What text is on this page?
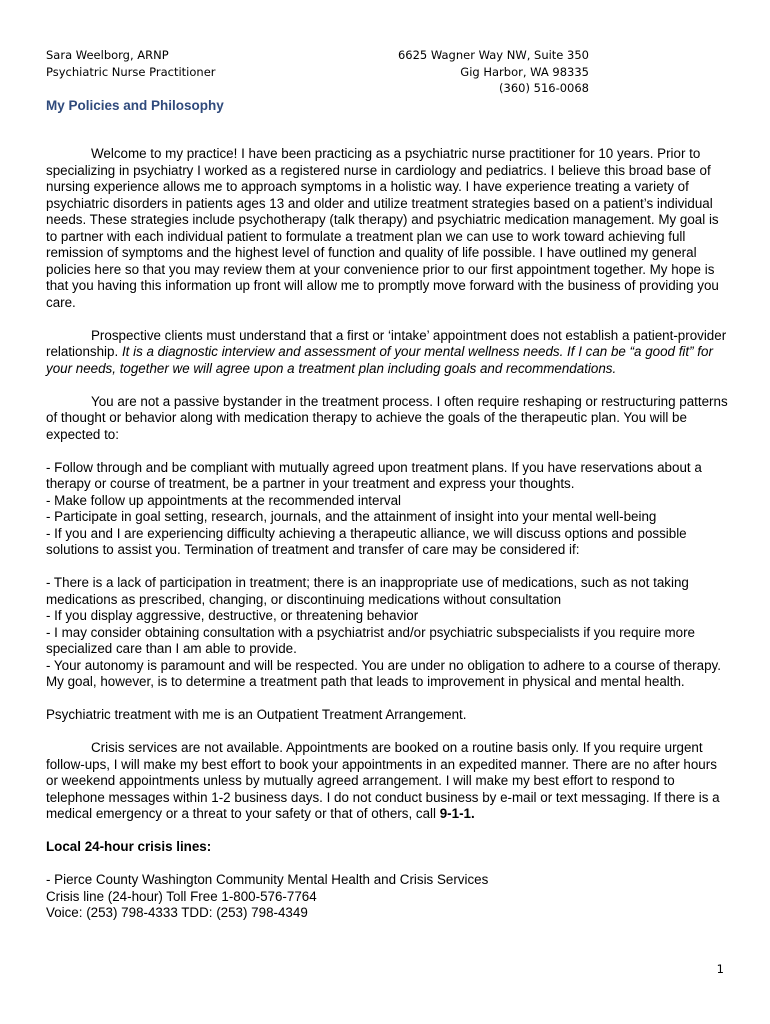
Sara Weelborg, ARNP
Psychiatric Nurse Practitioner
6625 Wagner Way NW, Suite 350
Gig Harbor, WA 98335
(360) 516-0068
My Policies and Philosophy

Welcome to my practice! I have been practicing as a psychiatric nurse practitioner for 10 years. Prior to specializing in psychiatry I worked as a registered nurse in cardiology and pediatrics. I believe this broad base of nursing experience allows me to approach symptoms in a holistic way. I have experience treating a variety of psychiatric disorders in patients ages 13 and older and utilize treatment strategies based on a patient’s individual needs. These strategies include psychotherapy (talk therapy) and psychiatric medication management. My goal is to partner with each individual patient to formulate a treatment plan we can use to work toward achieving full remission of symptoms and the highest level of function and quality of life possible. I have outlined my general policies here so that you may review them at your convenience prior to our first appointment together. My hope is that you having this information up front will allow me to promptly move forward with the business of providing you care.

Prospective clients must understand that a first or ‘intake’ appointment does not establish a patient-provider relationship. It is a diagnostic interview and assessment of your mental wellness needs. If I can be “a good fit” for your needs, together we will agree upon a treatment plan including goals and recommendations.

You are not a passive bystander in the treatment process. I often require reshaping or restructuring patterns of thought or behavior along with medication therapy to achieve the goals of the therapeutic plan. You will be expected to:

- Follow through and be compliant with mutually agreed upon treatment plans. If you have reservations about a therapy or course of treatment, be a partner in your treatment and express your thoughts.

- Make follow up appointments at the recommended interval

- Participate in goal setting, research, journals, and the attainment of insight into your mental well-being

- If you and I are experiencing difficulty achieving a therapeutic alliance, we will discuss options and possible solutions to assist you. Termination of treatment and transfer of care may be considered if:

- There is a lack of participation in treatment; there is an inappropriate use of medications, such as not taking medications as prescribed, changing, or discontinuing medications without consultation

- If you display aggressive, destructive, or threatening behavior

- I may consider obtaining consultation with a psychiatrist and/or psychiatric subspecialists if you require more specialized care than I am able to provide.

- Your autonomy is paramount and will be respected. You are under no obligation to adhere to a course of therapy. My goal, however, is to determine a treatment path that leads to improvement in physical and mental health.

Psychiatric treatment with me is an Outpatient Treatment Arrangement.

Crisis services are not available. Appointments are booked on a routine basis only. If you require urgent follow-ups, I will make my best effort to book your appointments in an expedited manner. There are no after hours or weekend appointments unless by mutually agreed arrangement. I will make my best effort to respond to telephone messages within 1-2 business days. I do not conduct business by e-mail or text messaging. If there is a medical emergency or a threat to your safety or that of others, call 9-1-1.

Local 24-hour crisis lines:

- Pierce County Washington Community Mental Health and Crisis Services

Crisis line (24-hour) Toll Free 1-800-576-7764

Voice: (253) 798-4333 TDD: (253) 798-4349

1
